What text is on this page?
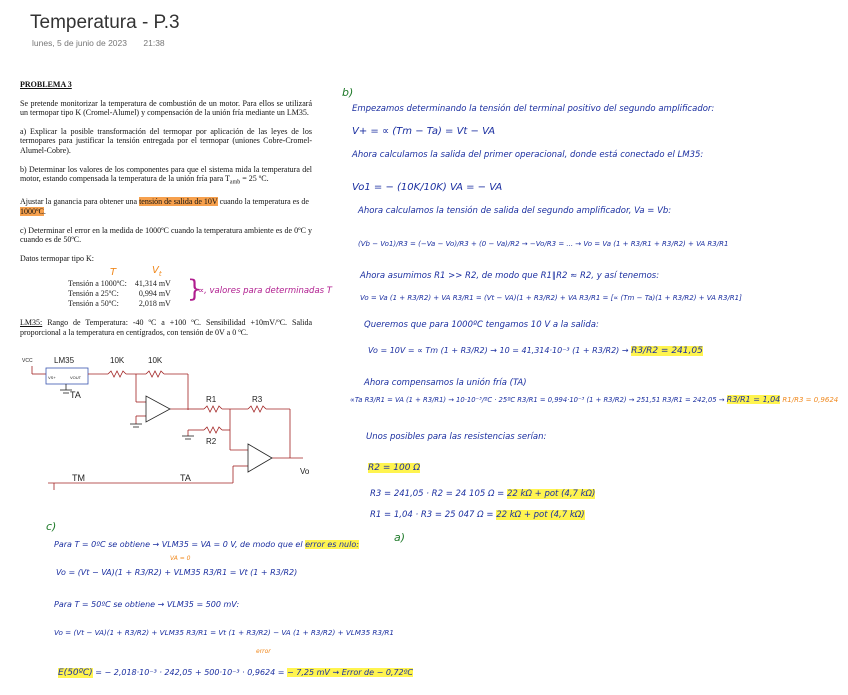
Temperatura - P.3
lunes, 5 de junio de 2023 21:38
PROBLEMA 3
Se pretende monitorizar la temperatura de combustión de un motor. Para ellos se utilizará un termopar tipo K (Cromel-Alumel) y compensación de la unión fría mediante un LM35.
a) Explicar la posible transformación del termopar por aplicación de las leyes de los termopares para justificar la tensión entregada por el termopar (uniones Cobre-Cromel-Alumel-Cobre).
b) Determinar los valores de los componentes para que el sistema mida la temperatura del motor, estando compensada la temperatura de la unión fría para $T_{amb} = 25$ ºC.
Ajustar la ganancia para obtener una tensión de salida de 10V cuando la temperatura es de 1000ºC.
c) Determinar el error en la medida de 1000ºC cuando la temperatura ambiente es de 0ºC y cuando es de 50ºC.
Datos termopar tipo K:
T	$V_t$
Tensión a 1000ºC:	41,314 mV
Tensión a 25ºC:	0,994 mV
Tensión a 50ºC:	2,018 mV
}
∝, valores para determinadas T
LM35: Rango de Temperatura: -40 ºC a +100 ºC. Sensibilidad +10mV/ºC. Salida proporcional a la temperatura en centígrados, con tensión de 0V a 0 ºC.
VCC	LM35
VS+	VOUT
TA
10K	10K
R1	R3
R2
TM	TA
Vo
b)
Empezamos determinando la tensión del terminal positivo del segundo amplificador:
V+ = ∝ (Tm − Ta) = Vt − VA
Ahora calculamos la salida del primer operacional, donde está conectado el LM35:
Vo1 = − (10K/10K) VA = − VA
Ahora calculamos la tensión de salida del segundo amplificador, Va = Vb:
(Vb − Vo1)/R3 = (−Va − Vo)/R3 + (0 − Va)/R2 → −Vo/R3 = ... → Vo = Va (1 + R3/R1 + R3/R2) + VA R3/R1
Ahora asumimos R1 >> R2, de modo que R1∥R2 ≈ R2, y así tenemos:
Vo = Va (1 + R3/R2) + VA R3/R1 = (Vt − VA)(1 + R3/R2) + VA R3/R1 = [∝ (Tm − Ta)(1 + R3/R2) + VA R3/R1]
Queremos que para 1000ºC tengamos 10 V a la salida:
Vo = 10V = ∝ Tm (1 + R3/R2) → 10 = 41,314·10⁻³ (1 + R3/R2) → R3/R2 = 241,05
Ahora compensamos la unión fría (TA)
∝Ta R3/R1 = VA (1 + R3/R1) → 10·10⁻³/ºC · 25ºC R3/R1 = 0,994·10⁻³ (1 + R3/R2) → 251,51 R3/R1 = 242,05 → R3/R1 = 1,04 R1/R3 = 0,9624
Unos posibles para las resistencias serían:
R2 = 100 Ω
R3 = 241,05 · R2 = 24 105 Ω = 22 kΩ + pot (4,7 kΩ)
R1 = 1,04 · R3 = 25 047 Ω = 22 kΩ + pot (4,7 kΩ)
a)
c)
Para T = 0ºC se obtiene → VLM35 = VA = 0 V, de modo que el error es nulo:
VA = 0
Vo = (Vt − VA)(1 + R3/R2) + VLM35 R3/R1 = Vt (1 + R3/R2)
Para T = 50ºC se obtiene → VLM35 = 500 mV:
Vo = (Vt − VA)(1 + R3/R2) + VLM35 R3/R1 = Vt (1 + R3/R2) − VA (1 + R3/R2) + VLM35 R3/R1
error
E(50ºC) = − 2,018·10⁻³ · 242,05 + 500·10⁻³ · 0,9624 = − 7,25 mV ⇝ Error de − 0,72ºC
